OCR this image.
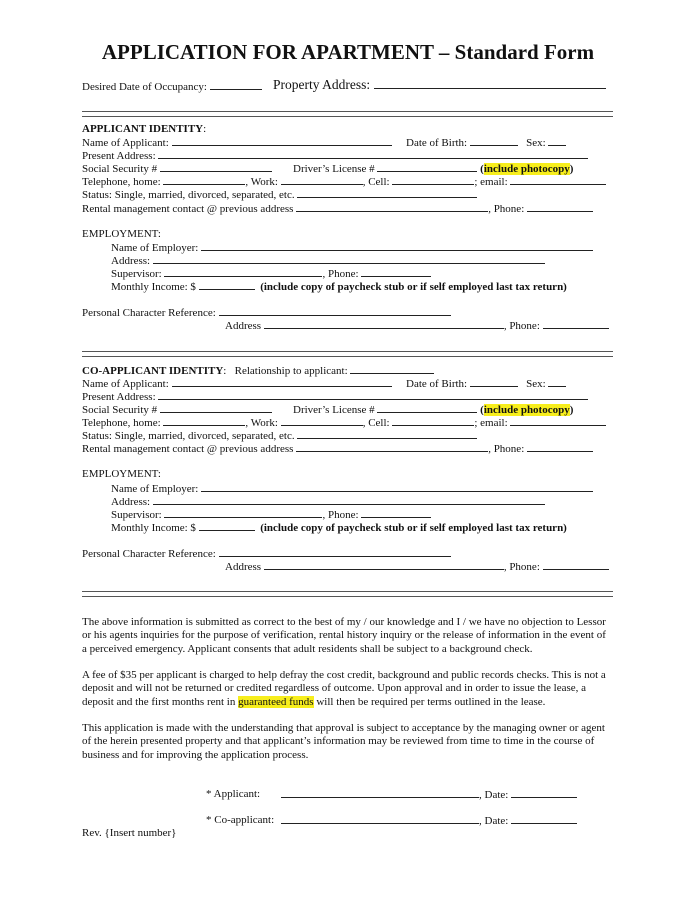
APPLICATION FOR APARTMENT – Standard Form
Desired Date of Occupancy:	Property Address:
APPLICANT IDENTITY:
Name of Applicant:	Date of Birth:	Sex:
Present Address:
Social Security #	Driver’s License #	(include photocopy)
Telephone, home:	, Work:	, Cell:	; email:
Status: Single, married, divorced, separated, etc.
Rental management contact @ previous address	, Phone:
EMPLOYMENT:
Name of Employer:
Address:
Supervisor:	, Phone:
Monthly Income: $	(include copy of paycheck stub or if self employed last tax return)
Personal Character Reference:
Address	, Phone:
CO-APPLICANT IDENTITY:   Relationship to applicant:
Name of Applicant:	Date of Birth:	Sex:
Present Address:
Social Security #	Driver’s License #	(include photocopy)
Telephone, home:	, Work:	, Cell:	; email:
Status: Single, married, divorced, separated, etc.
Rental management contact @ previous address	, Phone:
EMPLOYMENT:
Name of Employer:
Address:
Supervisor:	, Phone:
Monthly Income: $	(include copy of paycheck stub or if self employed last tax return)
Personal Character Reference:
Address	, Phone:
The above information is submitted as correct to the best of my / our knowledge and I / we have no objection to Lessor or his agents inquiries for the purpose of verification, rental history inquiry or the release of information in the event of a perceived emergency. Applicant consents that adult residents shall be subject to a background check.
A fee of $35 per applicant is charged to help defray the cost credit, background and public records checks. This is not a deposit and will not be returned or credited regardless of outcome. Upon approval and in order to issue the lease, a deposit and the first months rent in guaranteed funds will then be required per terms outlined in the lease.
This application is made with the understanding that approval is subject to acceptance by the managing owner or agent of the herein presented property and that applicant’s information may be reviewed from time to time in the course of business and for improving the application process.
* Applicant:	, Date:
* Co-applicant:	, Date:
Rev. {Insert number}
